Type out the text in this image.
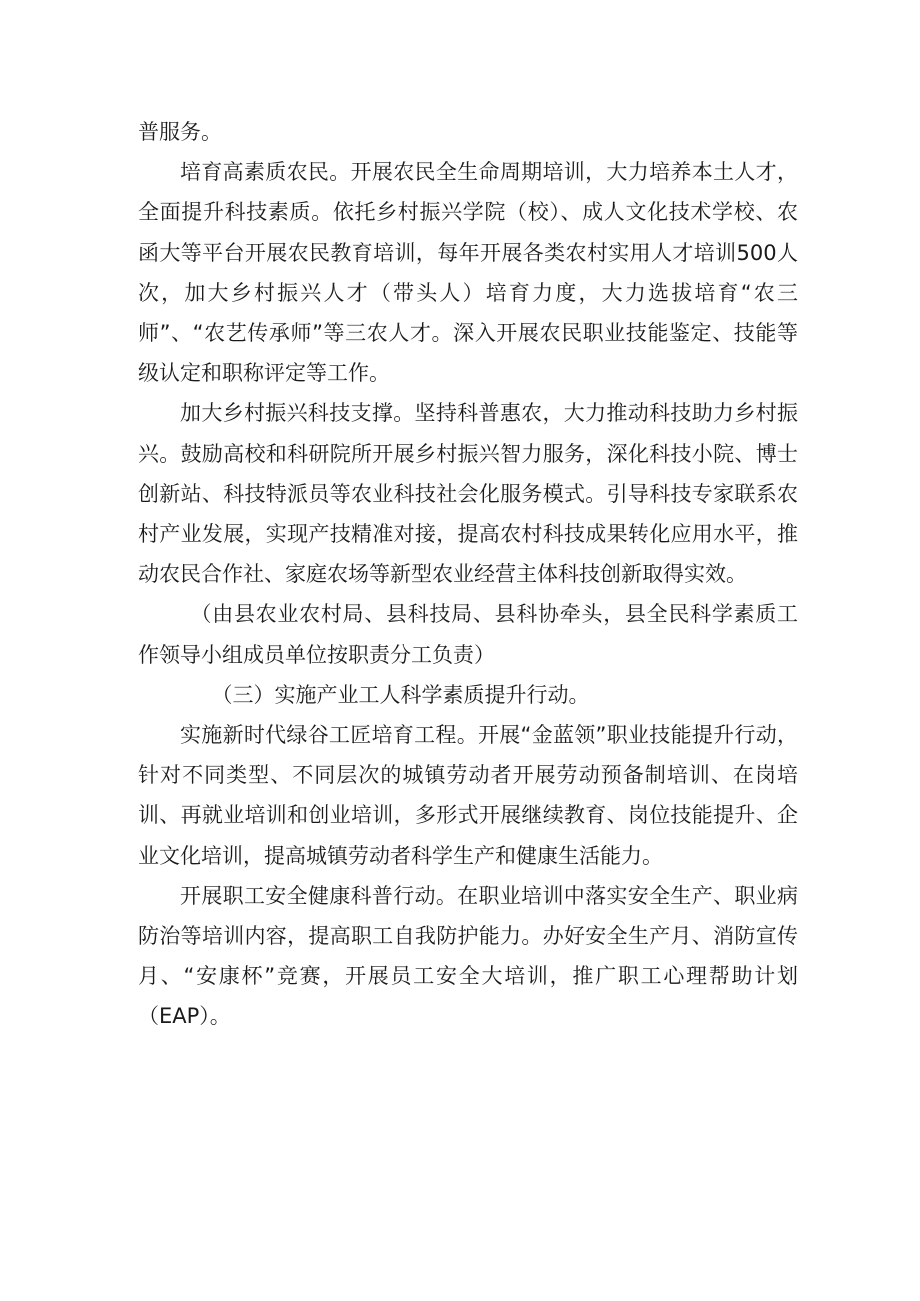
普服务。

培育高素质农民。开展农民全生命周期培训，大力培养本土人才，全面提升科技素质。依托乡村振兴学院（校）、成人文化技术学校、农函大等平台开展农民教育培训，每年开展各类农村实用人才培训500人次，加大乡村振兴人才（带头人）培育力度，大力选拔培育“农三师”、“农艺传承师”等三农人才。深入开展农民职业技能鉴定、技能等级认定和职称评定等工作。

加大乡村振兴科技支撑。坚持科普惠农，大力推动科技助力乡村振兴。鼓励高校和科研院所开展乡村振兴智力服务，深化科技小院、博士创新站、科技特派员等农业科技社会化服务模式。引导科技专家联系农村产业发展，实现产技精准对接，提高农村科技成果转化应用水平，推动农民合作社、家庭农场等新型农业经营主体科技创新取得实效。

（由县农业农村局、县科技局、县科协牵头，县全民科学素质工作领导小组成员单位按职责分工负责）

（三）实施产业工人科学素质提升行动。

实施新时代绿谷工匠培育工程。开展“金蓝领”职业技能提升行动，针对不同类型、不同层次的城镇劳动者开展劳动预备制培训、在岗培训、再就业培训和创业培训，多形式开展继续教育、岗位技能提升、企业文化培训，提高城镇劳动者科学生产和健康生活能力。

开展职工安全健康科普行动。在职业培训中落实安全生产、职业病防治等培训内容，提高职工自我防护能力。办好安全生产月、消防宣传月、“安康杯”竞赛，开展员工安全大培训，推广职工心理帮助计划（EAP）。
